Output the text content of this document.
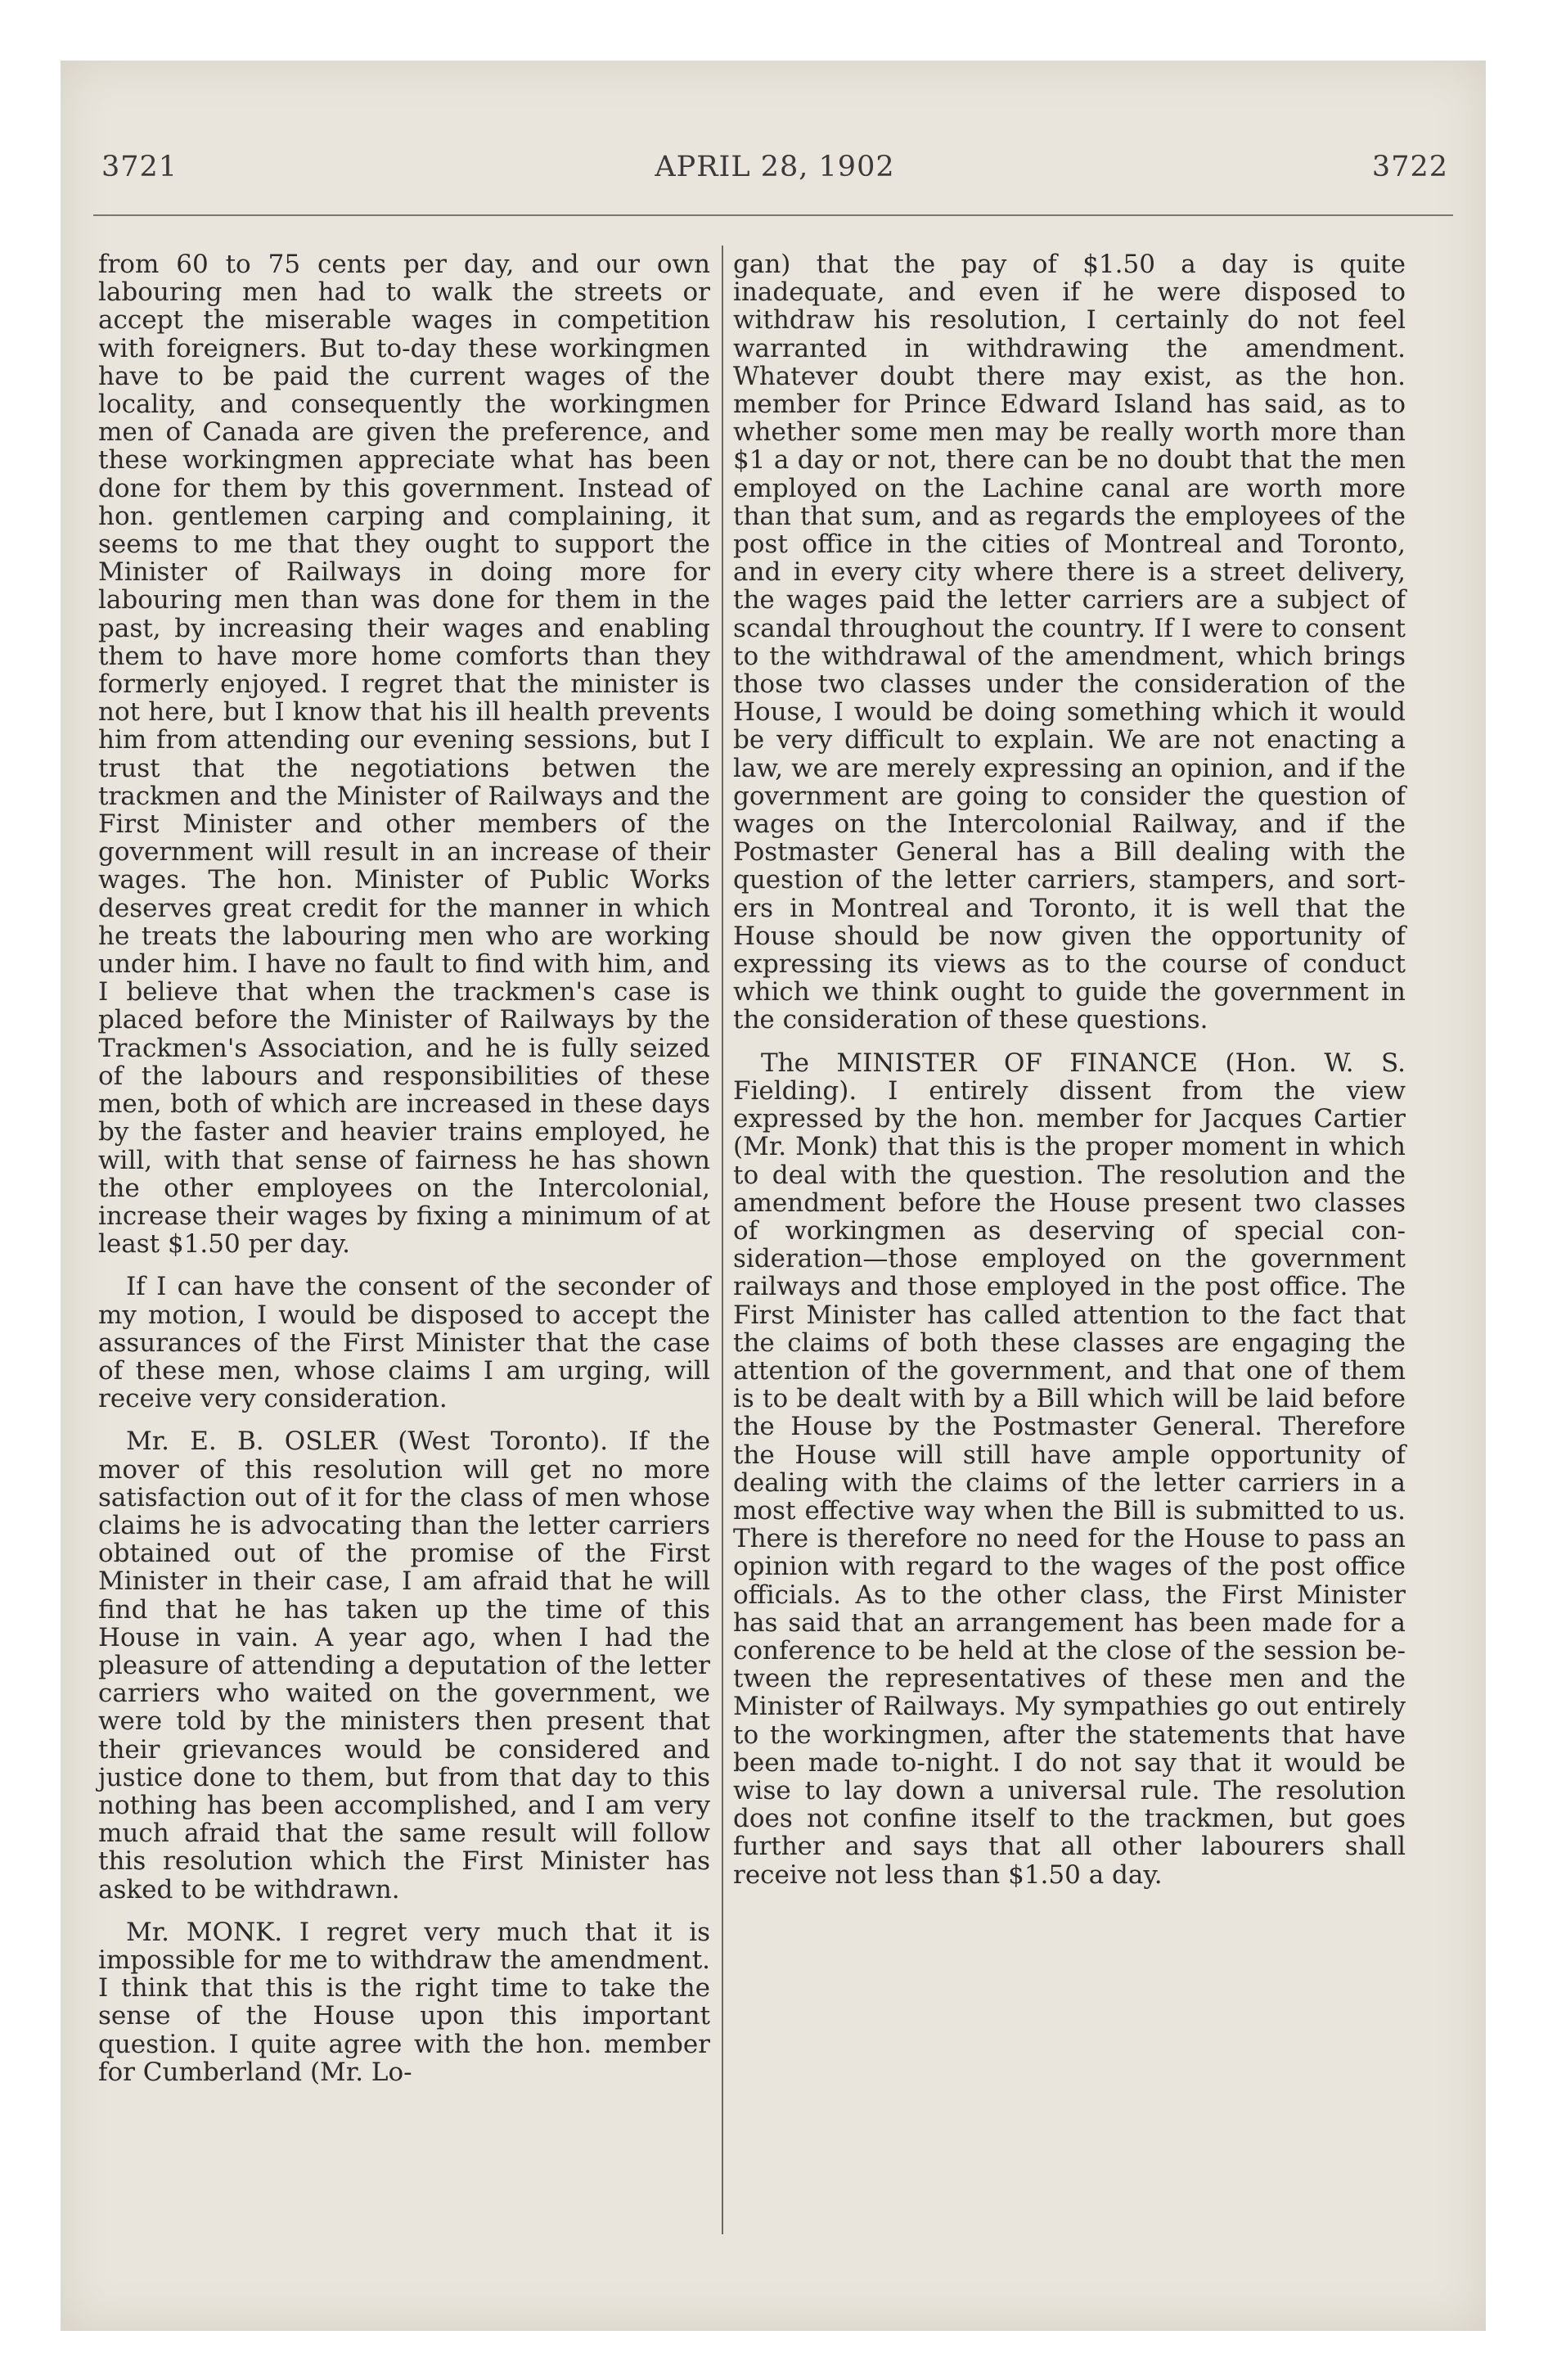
3721	APRIL 28, 1902	3722

from 60 to 75 cents per day, and our own labouring men had to walk the streets or accept the miserable wages in competition with foreigners. But to-day these workingmen have to be paid the current wages of the locality, and consequently the workingmen men of Canada are given the preference, and these workingmen appreciate what has been done for them by this government. Instead of hon. gentlemen carping and complaining, it seems to me that they ought to support the Minister of Railways in doing more for labouring men than was done for them in the past, by increasing their wages and enabling them to have more home comforts than they formerly enjoyed. I regret that the minister is not here, but I know that his ill health prevents him from attending our evening sessions, but I trust that the negotiations betwen the trackmen and the Minister of Railways and the First Minister and other members of the government will result in an increase of their wages. The hon. Minister of Public Works deserves great credit for the manner in which he treats the labouring men who are working under him. I have no fault to find with him, and I believe that when the trackmen's case is placed before the Minister of Railways by the Trackmen's Association, and he is fully seized of the labours and responsibilities of these men, both of which are increased in these days by the faster and heavier trains employed, he will, with that sense of fairness he has shown the other employees on the Intercolonial, increase their wages by fixing a minimum of at least $1.50 per day.

If I can have the consent of the seconder of my motion, I would be disposed to accept the assurances of the First Minister that the case of these men, whose claims I am urging, will receive very consideration.

Mr. E. B. OSLER (West Toronto). If the mover of this resolution will get no more satisfaction out of it for the class of men whose claims he is advocating than the letter carriers obtained out of the promise of the First Minister in their case, I am afraid that he will find that he has taken up the time of this House in vain. A year ago, when I had the pleasure of attending a deputation of the letter carriers who waited on the government, we were told by the ministers then present that their grievances would be considered and justice done to them, but from that day to this nothing has been accomplished, and I am very much afraid that the same result will follow this resolution which the First Minister has asked to be withdrawn.

Mr. MONK. I regret very much that it is impossible for me to withdraw the amendment. I think that this is the right time to take the sense of the House upon this important question. I quite agree with the hon. member for Cumberland (Mr. Lo-

gan) that the pay of $1.50 a day is quite inadequate, and even if he were disposed to withdraw his resolution, I certainly do not feel warranted in withdrawing the amendment. Whatever doubt there may exist, as the hon. member for Prince Edward Island has said, as to whether some men may be really worth more than $1 a day or not, there can be no doubt that the men employed on the Lachine canal are worth more than that sum, and as regards the employees of the post office in the cities of Montreal and Toronto, and in every city where there is a street delivery, the wages paid the letter carriers are a subject of scandal throughout the country. If I were to consent to the withdrawal of the amendment, which brings those two classes under the consideration of the House, I would be doing something which it would be very difficult to explain. We are not enacting a law, we are merely expressing an opinion, and if the government are going to consider the question of wages on the Intercolonial Railway, and if the Postmaster General has a Bill dealing with the question of the letter carriers, stampers, and sorters in Montreal and Toronto, it is well that the House should be now given the opportunity of expressing its views as to the course of conduct which we think ought to guide the government in the consideration of these questions.

The MINISTER OF FINANCE (Hon. W. S. Fielding). I entirely dissent from the view expressed by the hon. member for Jacques Cartier (Mr. Monk) that this is the proper moment in which to deal with the question. The resolution and the amendment before the House present two classes of workingmen as deserving of special consideration—those employed on the government railways and those employed in the post office. The First Minister has called attention to the fact that the claims of both these classes are engaging the attention of the government, and that one of them is to be dealt with by a Bill which will be laid before the House by the Postmaster General. Therefore the House will still have ample opportunity of dealing with the claims of the letter carriers in a most effective way when the Bill is submitted to us. There is therefore no need for the House to pass an opinion with regard to the wages of the post office officials. As to the other class, the First Minister has said that an arrangement has been made for a conference to be held at the close of the session between the representatives of these men and the Minister of Railways. My sympathies go out entirely to the workingmen, after the statements that have been made to-night. I do not say that it would be wise to lay down a universal rule. The resolution does not confine itself to the trackmen, but goes further and says that all other labourers shall receive not less than $1.50 a day.
